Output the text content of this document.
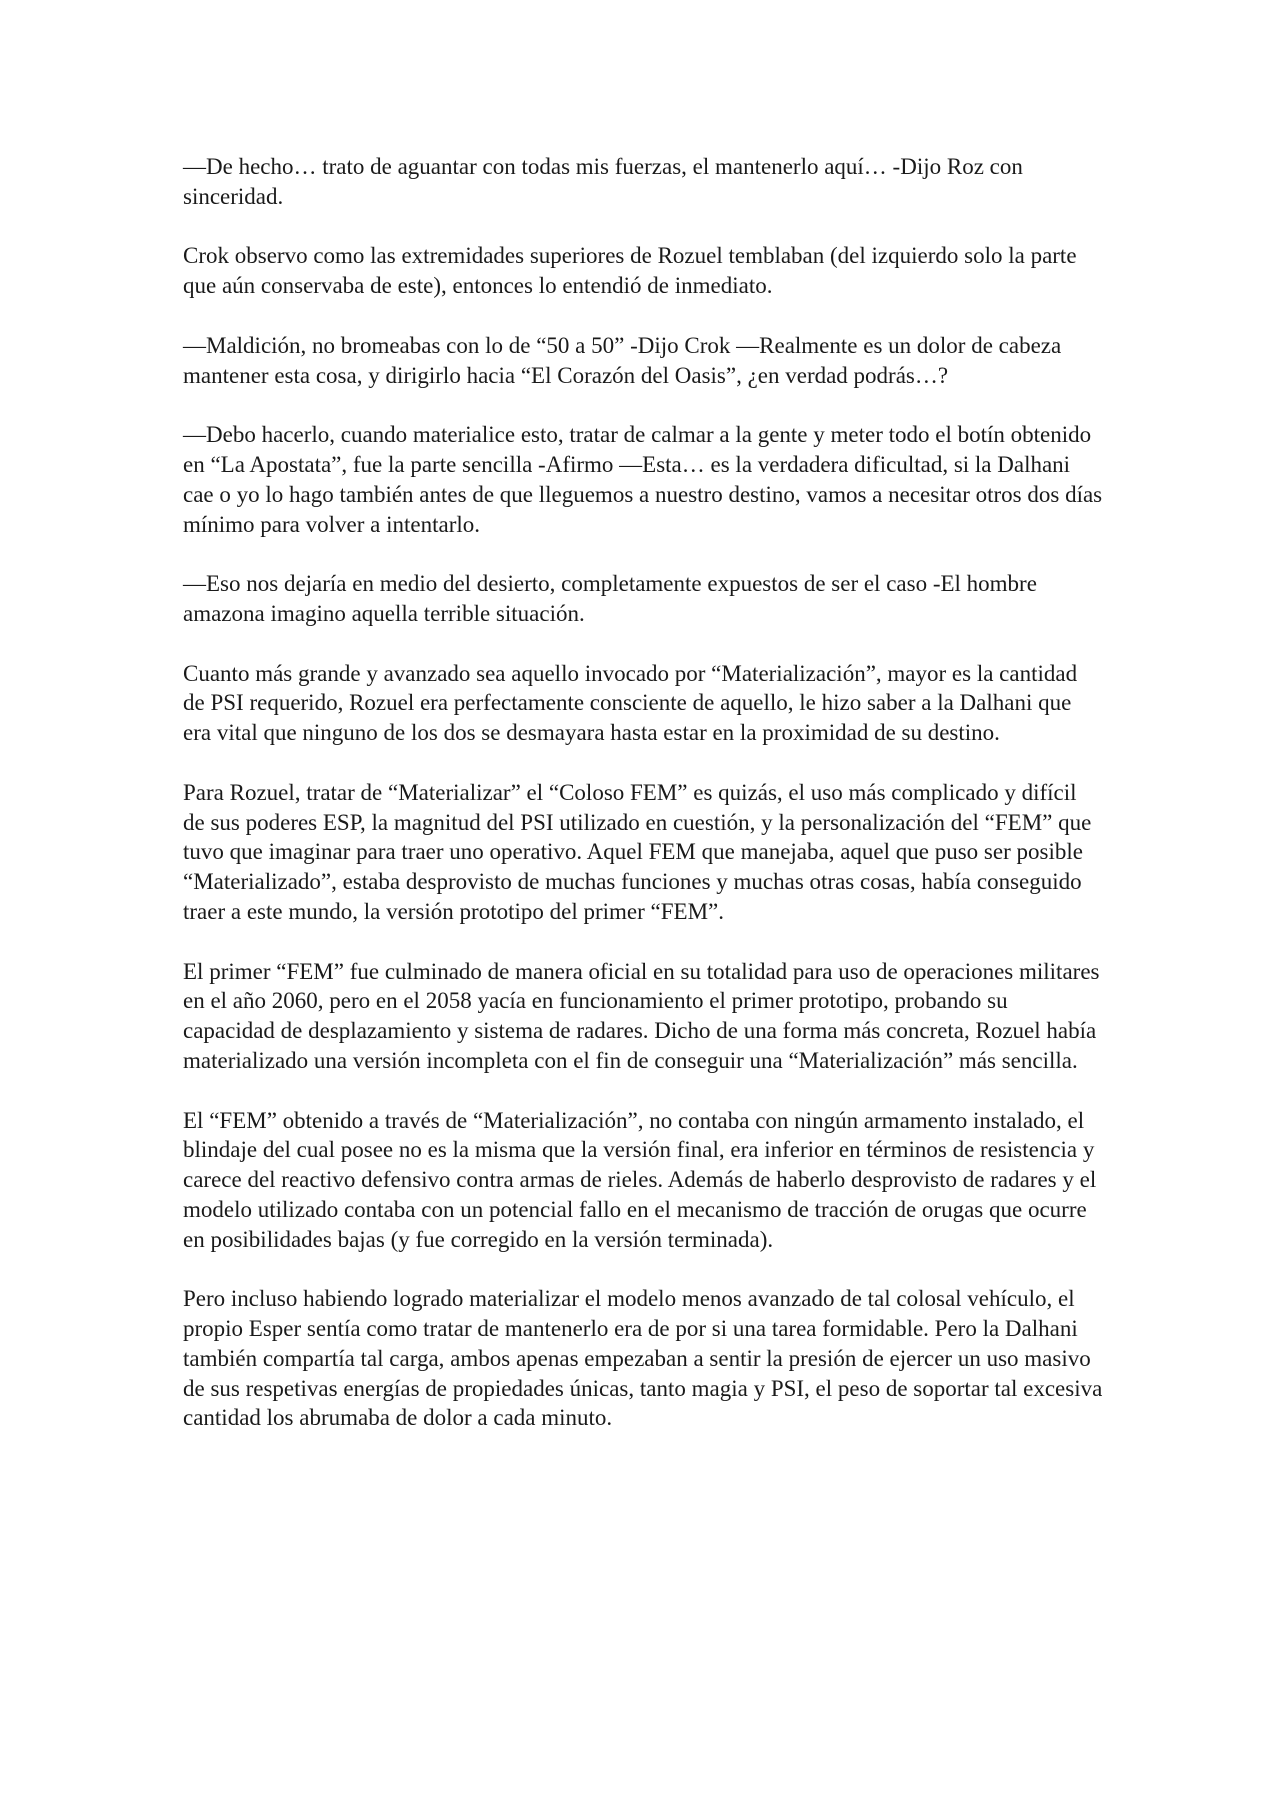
—De hecho… trato de aguantar con todas mis fuerzas, el mantenerlo aquí… -Dijo Roz con sinceridad.

Crok observo como las extremidades superiores de Rozuel temblaban (del izquierdo solo la parte que aún conservaba de este), entonces lo entendió de inmediato.

—Maldición, no bromeabas con lo de “50 a 50” -Dijo Crok —Realmente es un dolor de cabeza mantener esta cosa, y dirigirlo hacia “El Corazón del Oasis”, ¿en verdad podrás…?

—Debo hacerlo, cuando materialice esto, tratar de calmar a la gente y meter todo el botín obtenido en “La Apostata”, fue la parte sencilla -Afirmo —Esta… es la verdadera dificultad, si la Dalhani cae o yo lo hago también antes de que lleguemos a nuestro destino, vamos a necesitar otros dos días mínimo para volver a intentarlo.

—Eso nos dejaría en medio del desierto, completamente expuestos de ser el caso -El hombre amazona imagino aquella terrible situación.

Cuanto más grande y avanzado sea aquello invocado por “Materialización”, mayor es la cantidad de PSI requerido, Rozuel era perfectamente consciente de aquello, le hizo saber a la Dalhani que era vital que ninguno de los dos se desmayara hasta estar en la proximidad de su destino.

Para Rozuel, tratar de “Materializar” el “Coloso FEM” es quizás, el uso más complicado y difícil de sus poderes ESP, la magnitud del PSI utilizado en cuestión, y la personalización del “FEM” que tuvo que imaginar para traer uno operativo. Aquel FEM que manejaba, aquel que puso ser posible “Materializado”, estaba desprovisto de muchas funciones y muchas otras cosas, había conseguido traer a este mundo, la versión prototipo del primer “FEM”.

El primer “FEM” fue culminado de manera oficial en su totalidad para uso de operaciones militares en el año 2060, pero en el 2058 yacía en funcionamiento el primer prototipo, probando su capacidad de desplazamiento y sistema de radares. Dicho de una forma más concreta, Rozuel había materializado una versión incompleta con el fin de conseguir una “Materialización” más sencilla.

El “FEM” obtenido a través de “Materialización”, no contaba con ningún armamento instalado, el blindaje del cual posee no es la misma que la versión final, era inferior en términos de resistencia y carece del reactivo defensivo contra armas de rieles. Además de haberlo desprovisto de radares y el modelo utilizado contaba con un potencial fallo en el mecanismo de tracción de orugas que ocurre en posibilidades bajas (y fue corregido en la versión terminada).

Pero incluso habiendo logrado materializar el modelo menos avanzado de tal colosal vehículo, el propio Esper sentía como tratar de mantenerlo era de por si una tarea formidable. Pero la Dalhani también compartía tal carga, ambos apenas empezaban a sentir la presión de ejercer un uso masivo de sus respetivas energías de propiedades únicas, tanto magia y PSI, el peso de soportar tal excesiva cantidad los abrumaba de dolor a cada minuto.
